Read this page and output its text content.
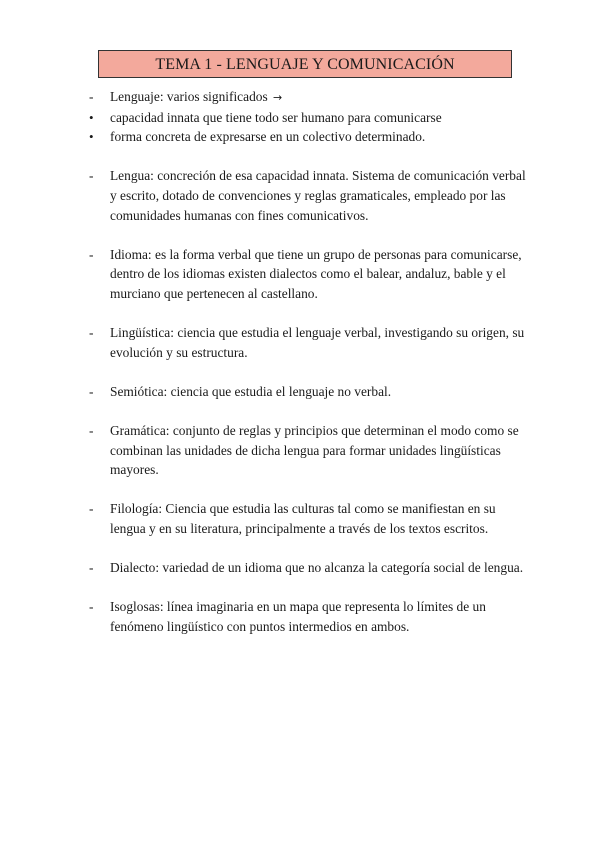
TEMA 1 - LENGUAJE Y COMUNICACIÓN

-	Lenguaje: varios significados →

•	capacidad innata que tiene todo ser humano para comunicarse

•	forma concreta de expresarse en un colectivo determinado.

-	Lengua: concreción de esa capacidad innata. Sistema de comunicación verbal y escrito, dotado de convenciones y reglas gramaticales, empleado por las comunidades humanas con fines comunicativos.

-	Idioma: es la forma verbal que tiene un grupo de personas para comunicarse, dentro de los idiomas existen dialectos como el balear, andaluz, bable y el murciano que pertenecen al castellano.

-	Lingüística: ciencia que estudia el lenguaje verbal, investigando su origen, su evolución y su estructura.

-	Semiótica: ciencia que estudia el lenguaje no verbal.

-	Gramática: conjunto de reglas y principios que determinan el modo como se combinan las unidades de dicha lengua para formar unidades lingüísticas mayores.

-	Filología: Ciencia que estudia las culturas tal como se manifiestan en su lengua y en su literatura, principalmente a través de los textos escritos.

-	Dialecto: variedad de un idioma que no alcanza la categoría social de lengua.

-	Isoglosas: línea imaginaria en un mapa que representa lo límites de un fenómeno lingüístico con puntos intermedios en ambos.
